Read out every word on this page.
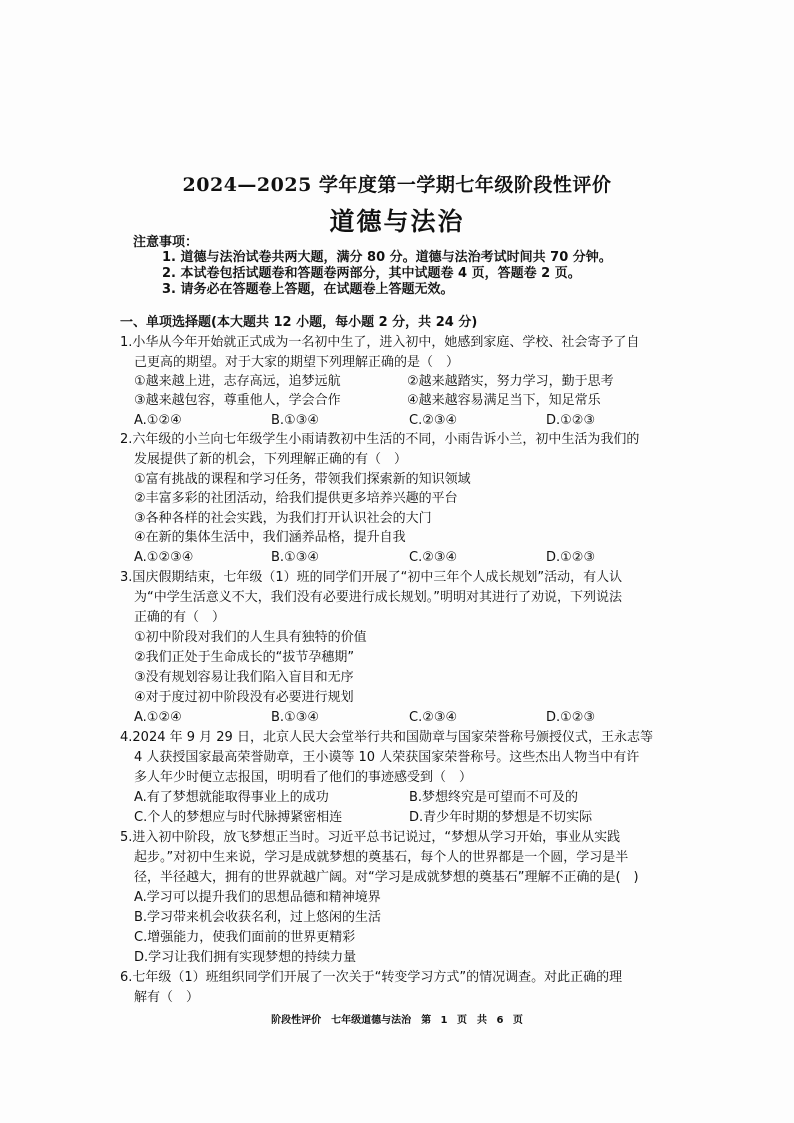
2024—2025 学年度第一学期七年级阶段性评价
道德与法治
注意事项：
1. 道德与法治试卷共两大题，满分 80 分。道德与法治考试时间共 70 分钟。
2. 本试卷包括试题卷和答题卷两部分，其中试题卷 4 页，答题卷 2 页。
3. 请务必在答题卷上答题，在试题卷上答题无效。
一、单项选择题(本大题共 12 小题，每小题 2 分，共 24 分)
1.小华从今年开始就正式成为一名初中生了，进入初中，她感到家庭、学校、社会寄予了自
己更高的期望。对于大家的期望下列理解正确的是（　）
①越来越上进，志存高远，追梦远航	②越来越踏实，努力学习，勤于思考
③越来越包容，尊重他人，学会合作	④越来越容易满足当下，知足常乐
A.①②④	B.①③④	C.②③④	D.①②③
2.六年级的小兰向七年级学生小雨请教初中生活的不同，小雨告诉小兰，初中生活为我们的
发展提供了新的机会，下列理解正确的有（　）
①富有挑战的课程和学习任务，带领我们探索新的知识领域
②丰富多彩的社团活动，给我们提供更多培养兴趣的平台
③各种各样的社会实践，为我们打开认识社会的大门
④在新的集体生活中，我们涵养品格，提升自我
A.①②③④	B.①③④	C.②③④	D.①②③
3.国庆假期结束，七年级（1）班的同学们开展了“初中三年个人成长规划”活动，有人认
为“中学生活意义不大，我们没有必要进行成长规划。”明明对其进行了劝说，下列说法
正确的有（　）
①初中阶段对我们的人生具有独特的价值
②我们正处于生命成长的“拔节孕穗期”
③没有规划容易让我们陷入盲目和无序
④对于度过初中阶段没有必要进行规划
A.①②④	B.①③④	C.②③④	D.①②③
4.2024 年 9 月 29 日，北京人民大会堂举行共和国勋章与国家荣誉称号颁授仪式，王永志等
4 人获授国家最高荣誉勋章，王小谟等 10 人荣获国家荣誉称号。这些杰出人物当中有许
多人年少时便立志报国，明明看了他们的事迹感受到（　）
A.有了梦想就能取得事业上的成功	B.梦想终究是可望而不可及的
C.个人的梦想应与时代脉搏紧密相连	D.青少年时期的梦想是不切实际
5.进入初中阶段，放飞梦想正当时。习近平总书记说过，“梦想从学习开始，事业从实践
起步。”对初中生来说，学习是成就梦想的奠基石，每个人的世界都是一个圆，学习是半
径，半径越大，拥有的世界就越广阔。对“学习是成就梦想的奠基石”理解不正确的是(　)
A.学习可以提升我们的思想品德和精神境界
B.学习带来机会收获名利，过上悠闲的生活
C.增强能力，使我们面前的世界更精彩
D.学习让我们拥有实现梦想的持续力量
6.七年级（1）班组织同学们开展了一次关于“转变学习方式”的情况调查。对此正确的理
解有（　）
阶段性评价　七年级道德与法治　第 1 页　共 6 页
